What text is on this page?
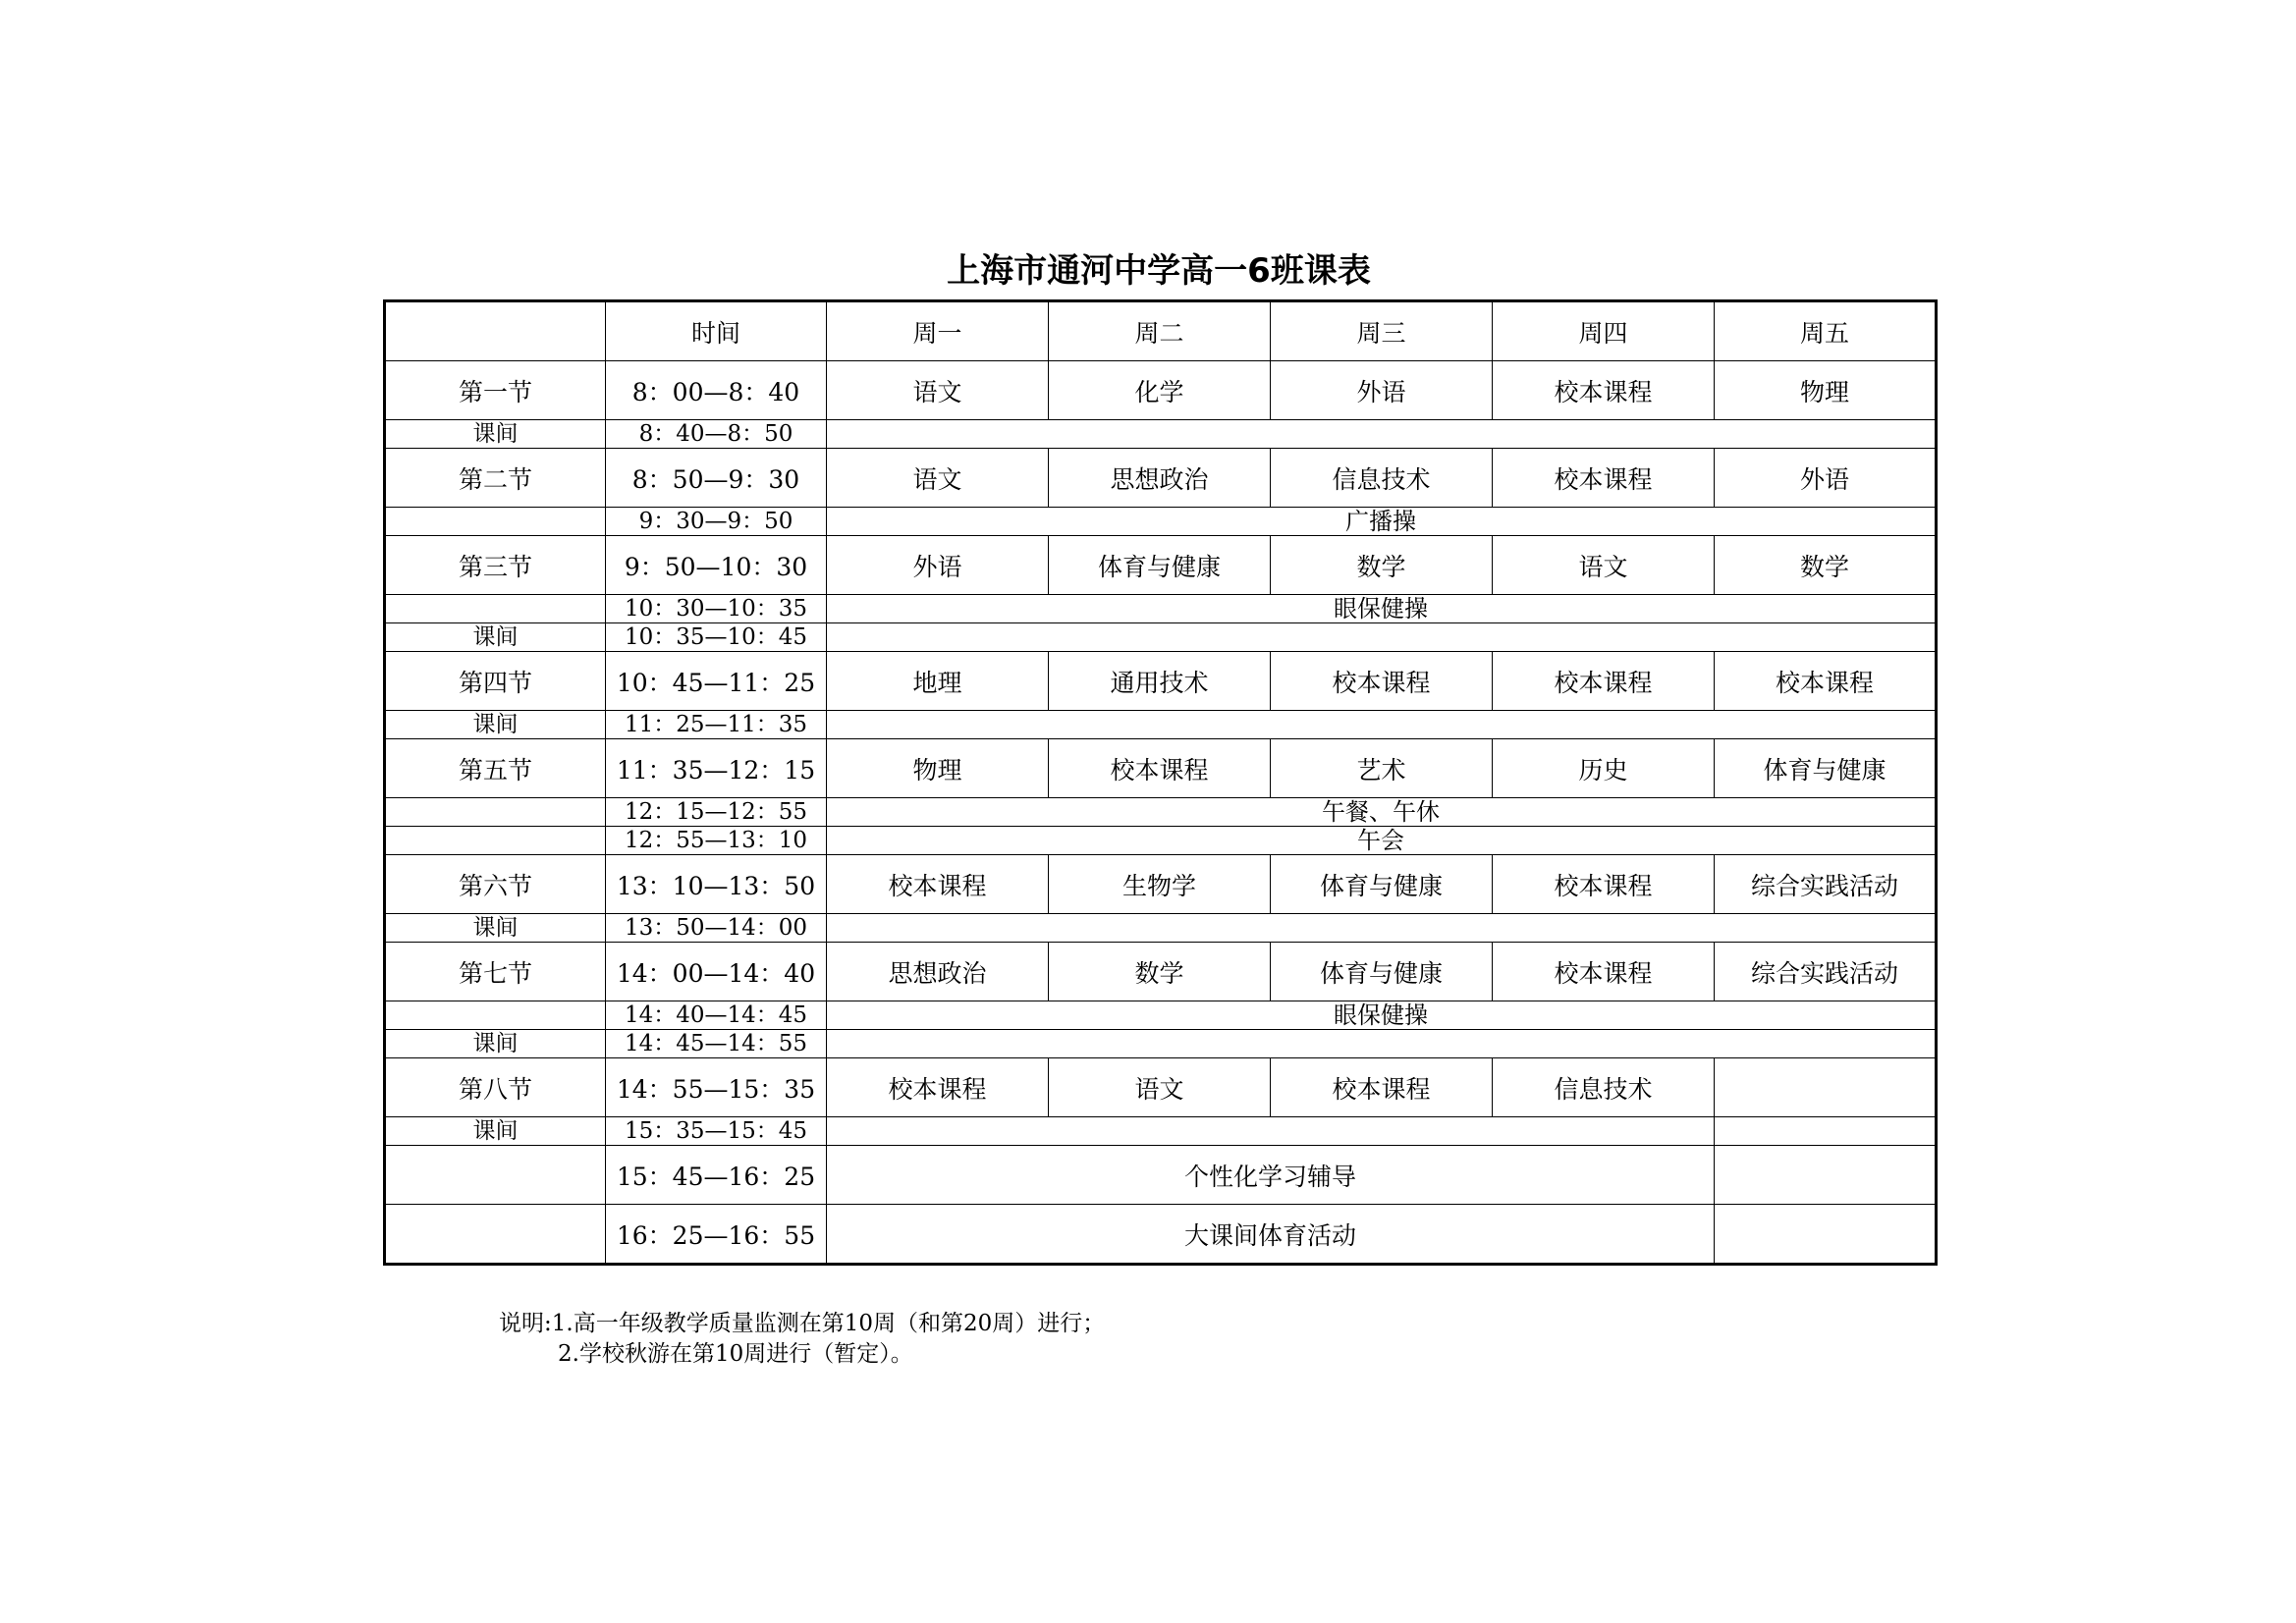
上海市通河中学高一6班课表
	时间	周一	周二	周三	周四	周五
第一节	8：00—8：40	语文	化学	外语	校本课程	物理
课间	8：40—8：50					
第二节	8：50—9：30	语文	思想政治	信息技术	校本课程	外语
	9：30—9：50	广播操				
第三节	9：50—10：30	外语	体育与健康	数学	语文	数学
	10：30—10：35	眼保健操				
课间	10：35—10：45					
第四节	10：45—11：25	地理	通用技术	校本课程	校本课程	校本课程
课间	11：25—11：35					
第五节	11：35—12：15	物理	校本课程	艺术	历史	体育与健康
	12：15—12：55	午餐、午休				
	12：55—13：10	午会				
第六节	13：10—13：50	校本课程	生物学	体育与健康	校本课程	综合实践活动
课间	13：50—14：00					
第七节	14：00—14：40	思想政治	数学	体育与健康	校本课程	综合实践活动
	14：40—14：45	眼保健操				
课间	14：45—14：55					
第八节	14：55—15：35	校本课程	语文	校本课程	信息技术	
课间	15：35—15：45					
	15：45—16：25	个性化学习辅导				
	16：25—16：55	大课间体育活动				
说明:1.高一年级教学质量监测在第10周（和第20周）进行；
2.学校秋游在第10周进行（暂定）。
